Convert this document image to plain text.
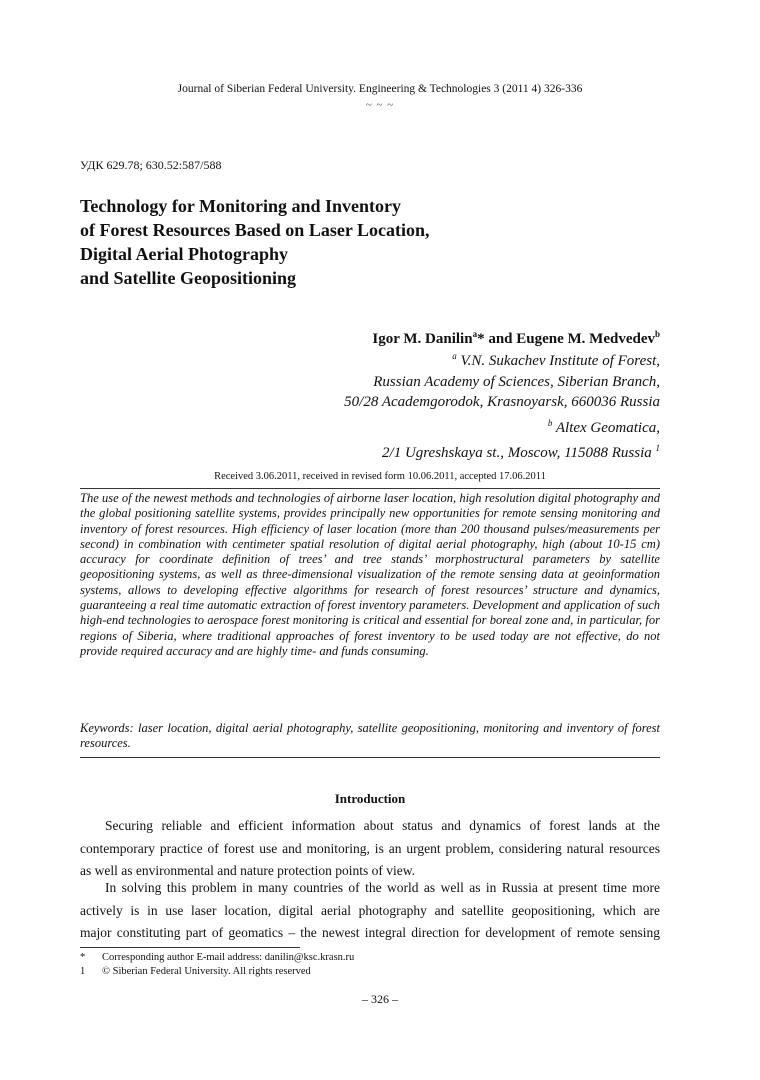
Journal of Siberian Federal University. Engineering & Technologies 3 (2011 4) 326-336
~ ~ ~
УДК 629.78; 630.52:587/588
Technology for Monitoring and Inventory
of Forest Resources Based on Laser Location,
Digital Aerial Photography
and Satellite Geopositioning
Igor M. Danilin$^a$* and Eugene M. Medvedev$^b$
$^a$ V.N. Sukachev Institute of Forest,
Russian Academy of Sciences, Siberian Branch,
50/28 Academgorodok, Krasnoyarsk, 660036 Russia
$^b$ Altex Geomatica,
2/1 Ugreshskaya st., Moscow, 115088 Russia $^1$
Received 3.06.2011, received in revised form 10.06.2011, accepted 17.06.2011
The use of the newest methods and technologies of airborne laser location, high resolution digital photography and the global positioning satellite systems, provides principally new opportunities for remote sensing monitoring and inventory of forest resources. High efficiency of laser location (more than 200 thousand pulses/measurements per second) in combination with centimeter spatial resolution of digital aerial photography, high (about 10-15 cm) accuracy for coordinate definition of trees’ and tree stands’ morphostructural parameters by satellite geopositioning systems, as well as three-dimensional visualization of the remote sensing data at geoinformation systems, allows to developing effective algorithms for research of forest resources’ structure and dynamics, guaranteeing a real time automatic extraction of forest inventory parameters. Development and application of such high-end technologies to aerospace forest monitoring is critical and essential for boreal zone and, in particular, for regions of Siberia, where traditional approaches of forest inventory to be used today are not effective, do not provide required accuracy and are highly time- and funds consuming.
Keywords: laser location, digital aerial photography, satellite geopositioning, monitoring and inventory of forest resources.
Introduction
Securing reliable and efficient information about status and dynamics of forest lands at the
contemporary practice of forest use and monitoring, is an urgent problem, considering natural resources
as well as environmental and nature protection points of view.
In solving this problem in many countries of the world as well as in Russia at present time more
actively is in use laser location, digital aerial photography and satellite geopositioning, which are
major constituting part of geomatics – the newest integral direction for development of remote sensing
*	Corresponding author E-mail address: danilin@ksc.krasn.ru
1	© Siberian Federal University. All rights reserved
– 326 –
